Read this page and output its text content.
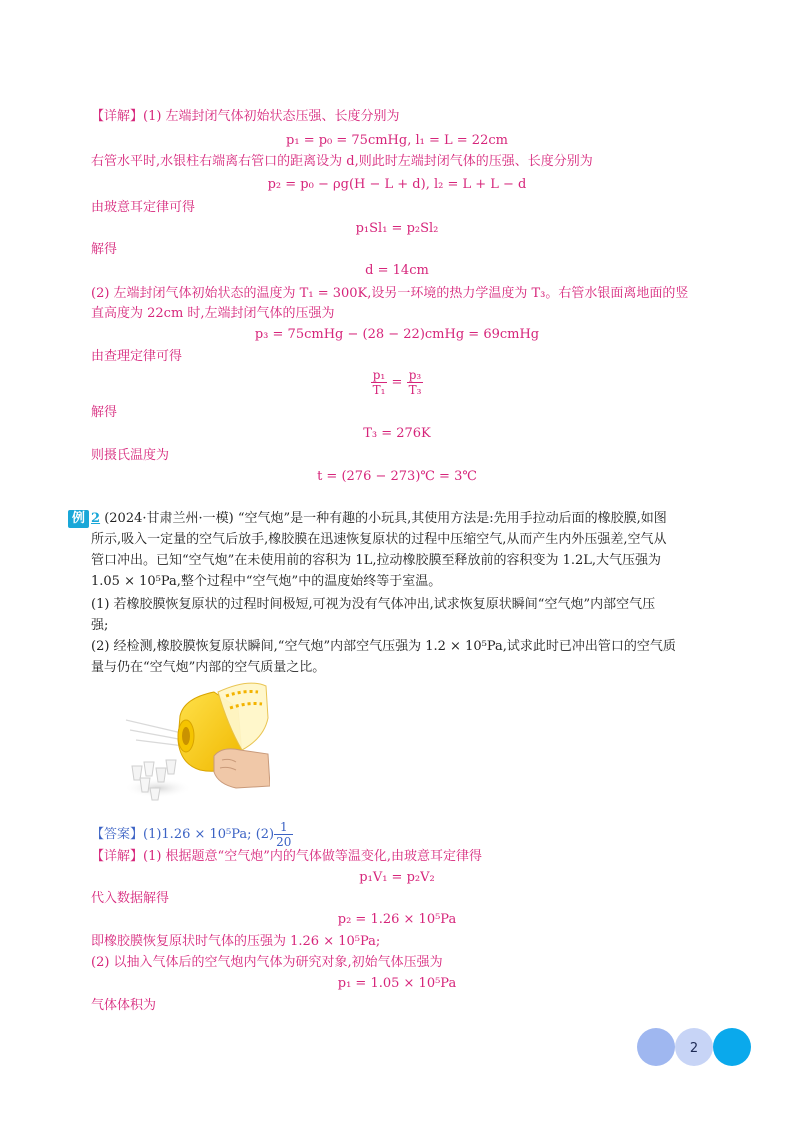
【详解】(1) 左端封闭气体初始状态压强、长度分别为
p₁ = p₀ = 75cmHg, l₁ = L = 22cm
右管水平时,水银柱右端离右管口的距离设为 d,则此时左端封闭气体的压强、长度分别为
p₂ = p₀ − ρg(H − L + d), l₂ = L + L − d
由玻意耳定律可得
p₁Sl₁ = p₂Sl₂
解得
d = 14cm
(2) 左端封闭气体初始状态的温度为 T₁ = 300K,设另一环境的热力学温度为 T₃。右管水银面离地面的竖
直高度为 22cm 时,左端封闭气体的压强为
p₃ = 75cmHg − (28 − 22)cmHg = 69cmHg
由查理定律可得
$\frac{\text{p₁}}{\text{T₁}} = \frac{\text{p₃}}{\text{T₃}}$
解得
T₃ = 276K
则摄氏温度为
t = (276 − 273)℃ = 3℃
例 2 (2024·甘肃兰州·一模) “空气炮”是一种有趣的小玩具,其使用方法是:先用手拉动后面的橡胶膜,如图
所示,吸入一定量的空气后放手,橡胶膜在迅速恢复原状的过程中压缩空气,从而产生内外压强差,空气从
管口冲出。已知“空气炮”在未使用前的容积为 1L,拉动橡胶膜至释放前的容积变为 1.2L,大气压强为
1.05 × 10⁵Pa,整个过程中“空气炮”中的温度始终等于室温。
(1) 若橡胶膜恢复原状的过程时间极短,可视为没有气体冲出,试求恢复原状瞬间“空气炮”内部空气压
强;
(2) 经检测,橡胶膜恢复原状瞬间,“空气炮”内部空气压强为 1.2 × 10⁵Pa,试求此时已冲出管口的空气质
量与仍在“空气炮”内部的空气质量之比。
【答案】(1)1.26 × 10⁵Pa; $(2) \frac{1}{20}$
【详解】(1) 根据题意“空气炮”内的气体做等温变化,由玻意耳定律得
p₁V₁ = p₂V₂
代入数据解得
p₂ = 1.26 × 10⁵Pa
即橡胶膜恢复原状时气体的压强为 1.26 × 10⁵Pa;
(2) 以抽入气体后的空气炮内气体为研究对象,初始气体压强为
p₁ = 1.05 × 10⁵Pa
气体体积为
2
